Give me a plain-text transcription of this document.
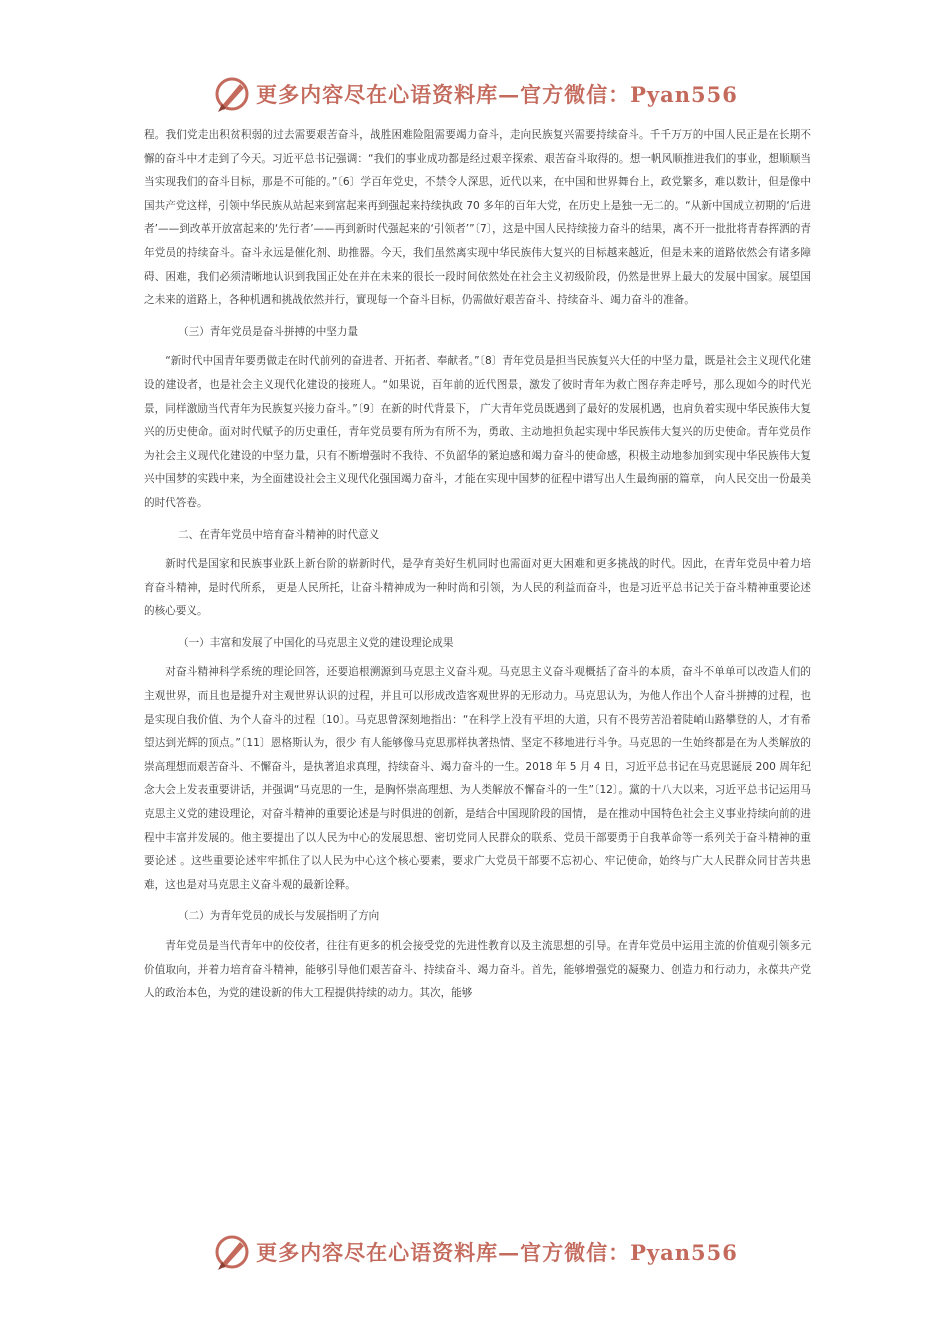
更多内容尽在心语资料库—官方微信：Pyan556

程。我们党走出积贫积弱的过去需要艰苦奋斗，战胜困难险阻需要竭力奋斗，走向民族复兴需要持续奋斗。千千万万的中国人民正是在长期不懈的奋斗中才走到了今天。习近平总书记强调：“我们的事业成功都是经过艰辛探索、艰苦奋斗取得的。想一帆风顺推进我们的事业，想顺顺当当实现我们的奋斗目标，那是不可能的。”〔6〕学百年党史，不禁令人深思，近代以来，在中国和世界舞台上，政党繁多，难以数计，但是像中国共产党这样，引领中华民族从站起来到富起来再到强起来持续执政 70 多年的百年大党，在历史上是独一无二的。“从新中国成立初期的‘后进者’——到改革开放富起来的‘先行者’——再到新时代强起来的‘引领者’”〔7〕，这是中国人民持续接力奋斗的结果，离不开一批批将青春挥洒的青年党员的持续奋斗。奋斗永远是催化剂、助推器。今天，我们虽然离实现中华民族伟大复兴的目标越来越近，但是未来的道路依然会有诸多障碍、困难，我们必须清晰地认识到我国正处在并在未来的很长一段时间依然处在社会主义初级阶段，仍然是世界上最大的发展中国家。展望国之未来的道路上，各种机遇和挑战依然并行，實现每一个奋斗目标，仍需做好艰苦奋斗、持续奋斗、竭力奋斗的准备。

（三）青年党员是奋斗拼搏的中坚力量

“新时代中国青年要勇做走在时代前列的奋进者、开拓者、奉献者。”〔8〕青年党员是担当民族复兴大任的中坚力量，既是社会主义现代化建设的建设者，也是社会主义现代化建设的接班人。“如果说，百年前的近代图景，激发了彼时青年为救亡图存奔走呼号，那么现如今的时代光景，同样激励当代青年为民族复兴接力奋斗。”〔9〕在新的时代背景下， 广大青年党员既遇到了最好的发展机遇，也肩负着实现中华民族伟大复兴的历史使命。面对时代赋予的历史重任，青年党员要有所为有所不为，勇敢、主动地担负起实现中华民族伟大复兴的历史使命。青年党员作为社会主义现代化建设的中坚力量，只有不断增强时不我待、不负韶华的紧迫感和竭力奋斗的使命感，积极主动地参加到实现中华民族伟大复兴中国梦的实践中来，为全面建设社会主义现代化强国竭力奋斗，才能在实现中国梦的征程中谱写出人生最绚丽的篇章， 向人民交出一份最美的时代答卷。

二、在青年党员中培育奋斗精神的时代意义

新时代是国家和民族事业跃上新台阶的崭新时代，是孕育美好生机同时也需面对更大困难和更多挑战的时代。因此，在青年党员中着力培育奋斗精神，是时代所系， 更是人民所托，让奋斗精神成为一种时尚和引领，为人民的利益而奋斗，也是习近平总书记关于奋斗精神重要论述的核心要义。

（一）丰富和发展了中国化的马克思主义党的建设理论成果

对奋斗精神科学系统的理论回答，还要追根溯源到马克思主义奋斗观。马克思主义奋斗观概括了奋斗的本质，奋斗不单单可以改造人们的主观世界，而且也是提升对主观世界认识的过程，并且可以形成改造客观世界的无形动力。马克思认为，为他人作出个人奋斗拼搏的过程，也是实现自我价值、为个人奋斗的过程〔10〕。马克思曾深刻地指出：“在科学上没有平坦的大道，只有不畏劳苦沿着陡峭山路攀登的人，才有希望达到光辉的顶点。”〔11〕恩格斯认为，很少 有人能够像马克思那样执著热情、坚定不移地进行斗争。马克思的一生始终都是在为人类解放的崇高理想而艰苦奋斗、不懈奋斗，是执著追求真理，持续奋斗、竭力奋斗的一生。2018 年 5 月 4 日，习近平总书记在马克思诞辰 200 周年纪念大会上发表重要讲话，并强调“马克思的一生，是胸怀崇高理想、为人类解放不懈奋斗的一生”〔12〕。黨的十八大以来，习近平总书记运用马克思主义党的建设理论，对奋斗精神的重要论述是与时俱进的创新，是结合中国现阶段的国情， 是在推动中国特色社会主义事业持续向前的进程中丰富并发展的。他主要提出了以人民为中心的发展思想、密切党同人民群众的联系、党员干部要勇于自我革命等一系列关于奋斗精神的重要论述 。这些重要论述牢牢抓住了以人民为中心这个核心要素，要求广大党员干部要不忘初心、牢记使命，始终与广大人民群众同甘苦共患难，这也是对马克思主义奋斗观的最新诠释。

（二）为青年党员的成长与发展指明了方向

青年党员是当代青年中的佼佼者，往往有更多的机会接受党的先进性教育以及主流思想的引导。在青年党员中运用主流的价值观引领多元价值取向，并着力培育奋斗精神，能够引导他们艰苦奋斗、持续奋斗、竭力奋斗。首先，能够增强党的凝聚力、创造力和行动力，永葆共产党人的政治本色，为党的建设新的伟大工程提供持续的动力。其次，能够

更多内容尽在心语资料库—官方微信：Pyan556
